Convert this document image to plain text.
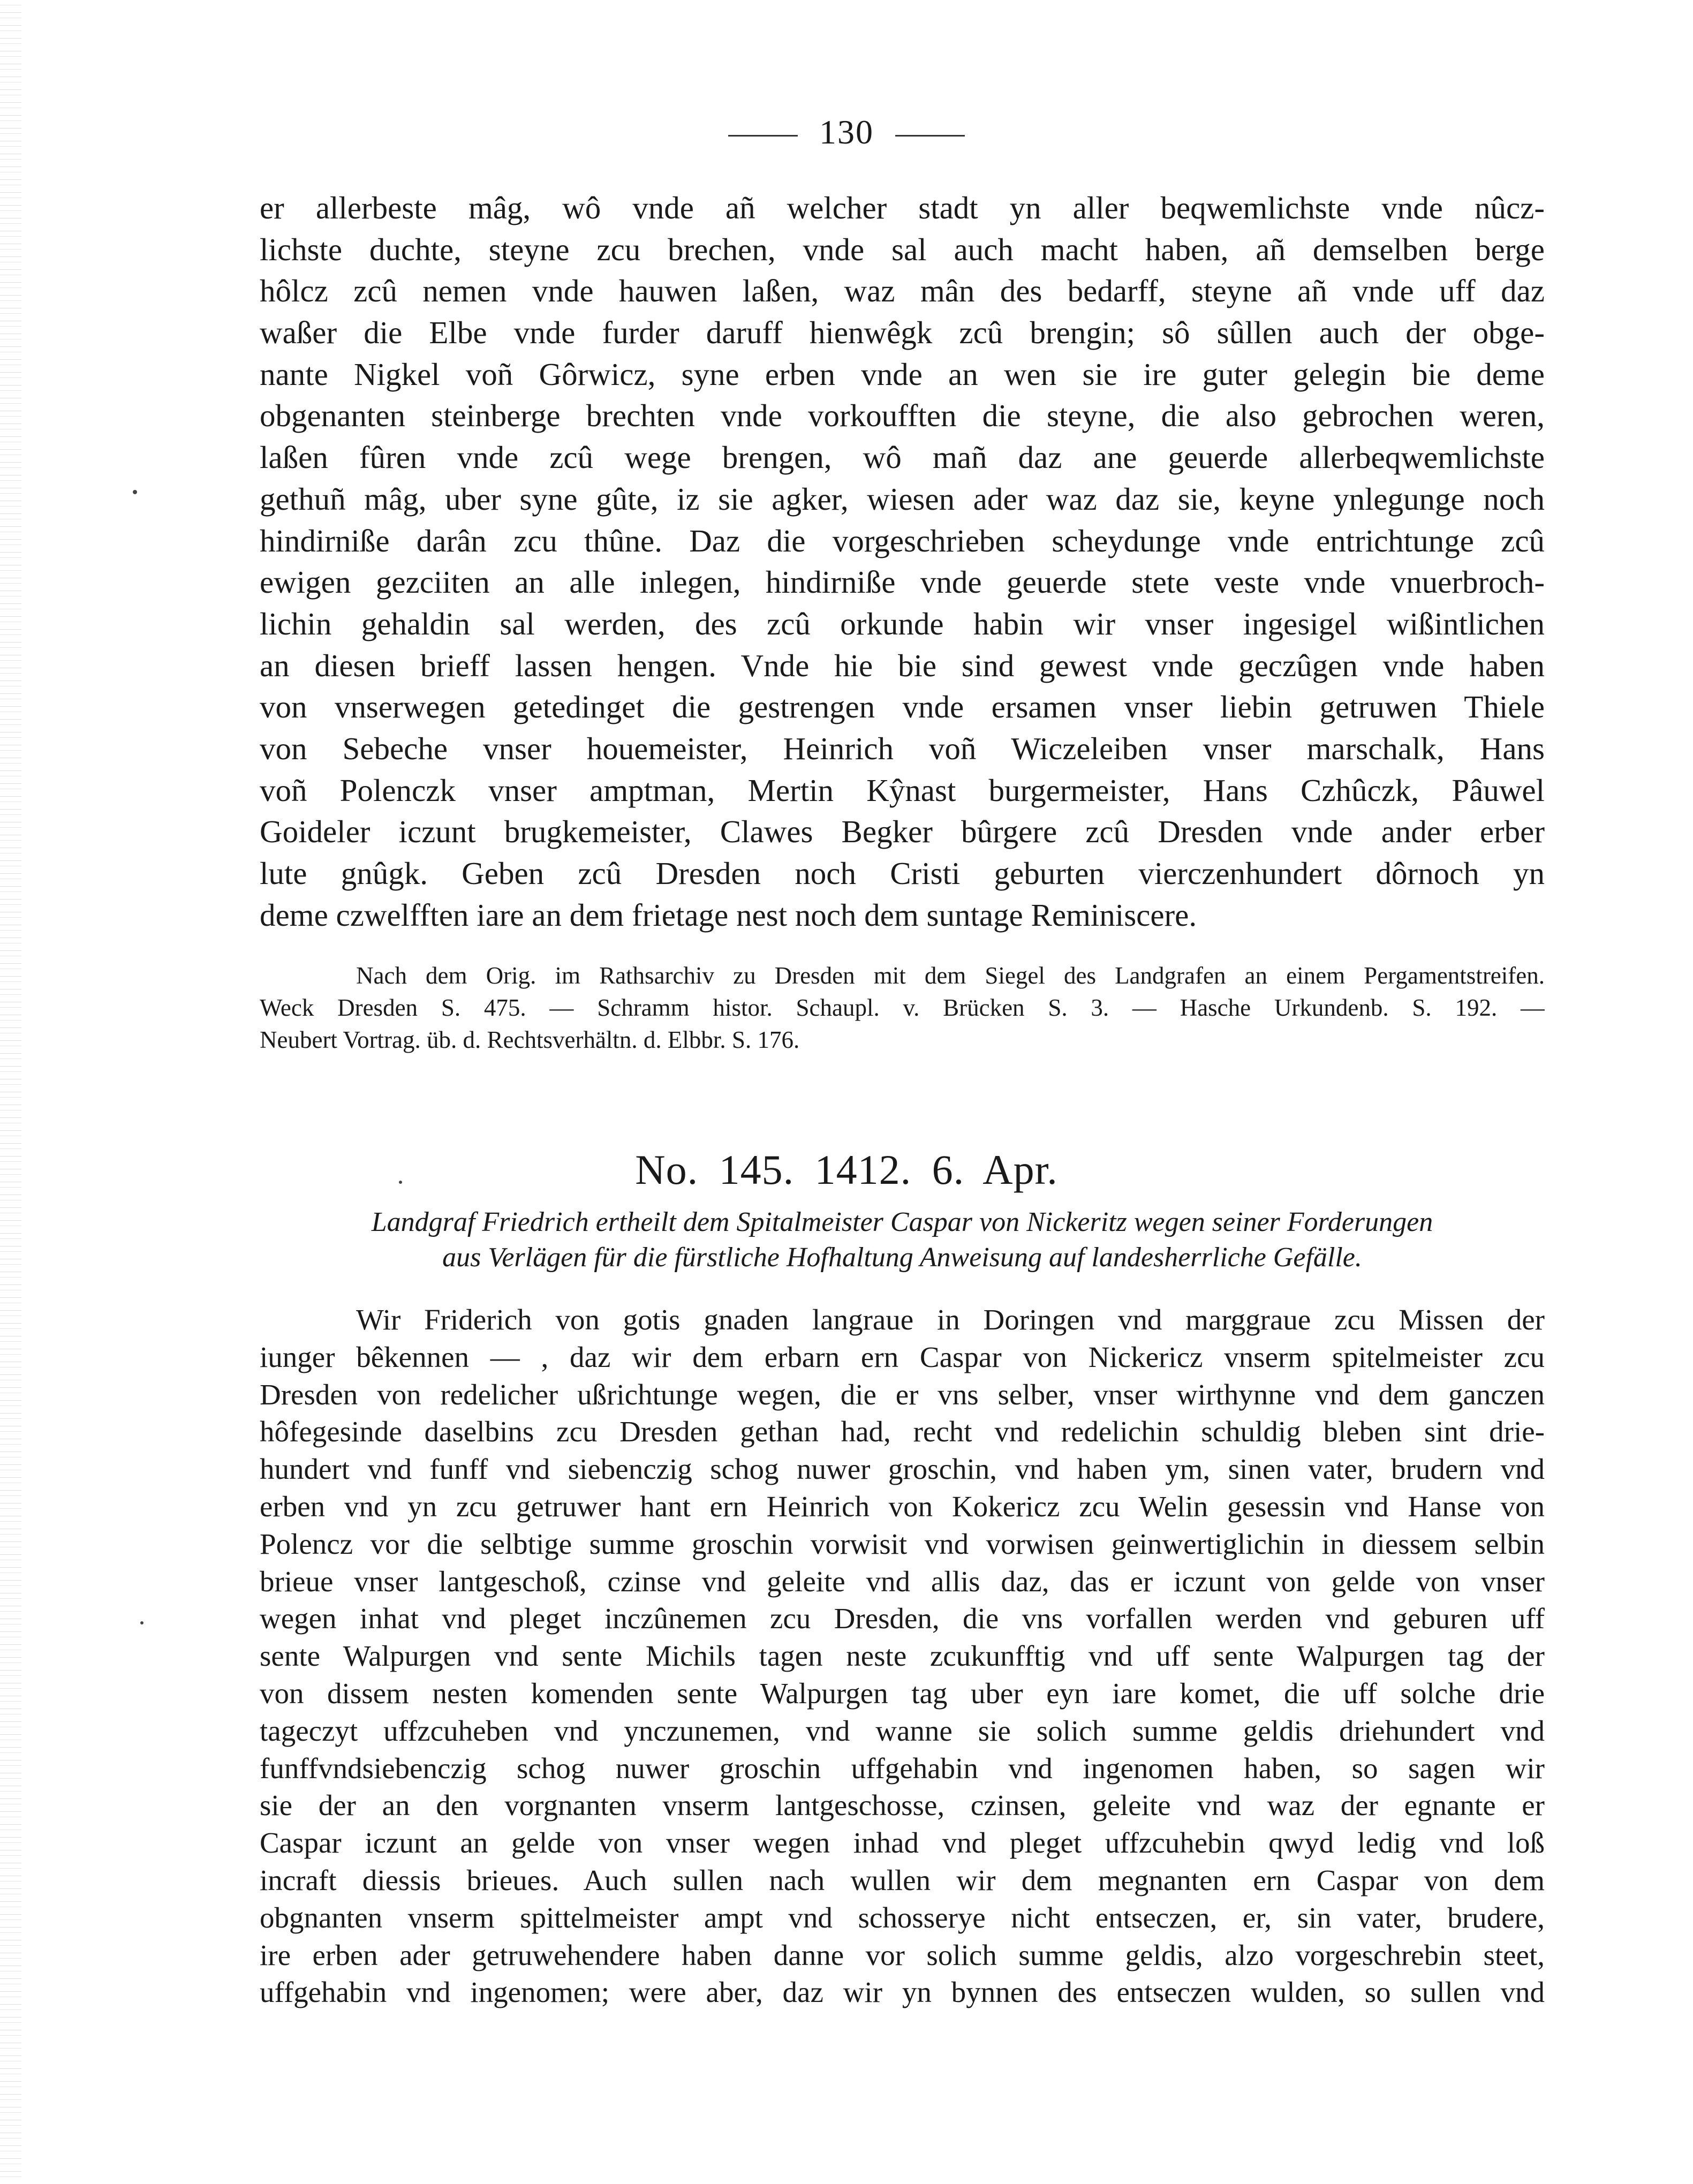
130
er allerbeste mâg, wô vnde añ welcher stadt yn aller beqwemlichste vnde nûcz-
lichste duchte, steyne zcu brechen, vnde sal auch macht haben, añ demselben berge
hôlcz zcû nemen vnde hauwen laßen, waz mân des bedarff, steyne añ vnde uff daz
waßer die Elbe vnde furder daruff hienwêgk zcû brengin; sô sûllen auch der obge-
nante Nigkel voñ Gôrwicz, syne erben vnde an wen sie ire guter gelegin bie deme
obgenanten steinberge brechten vnde vorkoufften die steyne, die also gebrochen weren,
laßen fûren vnde zcû wege brengen, wô mañ daz ane geuerde allerbeqwemlichste
gethuñ mâg, uber syne gûte, iz sie agker, wiesen ader waz daz sie, keyne ynlegunge noch
hindirniße darân zcu thûne. Daz die vorgeschrieben scheydunge vnde entrichtunge zcû
ewigen gezciiten an alle inlegen, hindirniße vnde geuerde stete veste vnde vnuerbroch-
lichin gehaldin sal werden, des zcû orkunde habin wir vnser ingesigel wißintlichen
an diesen brieff lassen hengen. Vnde hie bie sind gewest vnde geczûgen vnde haben
von vnserwegen getedinget die gestrengen vnde ersamen vnser liebin getruwen Thiele
von Sebeche vnser houemeister, Heinrich voñ Wiczeleiben vnser marschalk, Hans
voñ Polenczk vnser amptman, Mertin Kŷnast burgermeister, Hans Czhûczk, Pâuwel
Goideler iczunt brugkemeister, Clawes Begker bûrgere zcû Dresden vnde ander erber
lute gnûgk. Geben zcû Dresden noch Cristi geburten vierczenhundert dôrnoch yn
deme czwelfften iare an dem frietage nest noch dem suntage Reminiscere.
Nach dem Orig. im Rathsarchiv zu Dresden mit dem Siegel des Landgrafen an einem Pergamentstreifen.
Weck Dresden S. 475. — Schramm histor. Schaupl. v. Brücken S. 3. — Hasche Urkundenb. S. 192. —
Neubert Vortrag. üb. d. Rechtsverhältn. d. Elbbr. S. 176.
No. 145. 1412. 6. Apr.
Landgraf Friedrich ertheilt dem Spitalmeister Caspar von Nickeritz wegen seiner Forderungen
aus Verlägen für die fürstliche Hofhaltung Anweisung auf landesherrliche Gefälle.
Wir Friderich von gotis gnaden langraue in Doringen vnd marggraue zcu Missen der
iunger bêkennen — , daz wir dem erbarn ern Caspar von Nickericz vnserm spitelmeister zcu
Dresden von redelicher ußrichtunge wegen, die er vns selber, vnser wirthynne vnd dem ganczen
hôfegesinde daselbins zcu Dresden gethan had, recht vnd redelichin schuldig bleben sint drie-
hundert vnd funff vnd siebenczig schog nuwer groschin, vnd haben ym, sinen vater, brudern vnd
erben vnd yn zcu getruwer hant ern Heinrich von Kokericz zcu Welin gesessin vnd Hanse von
Polencz vor die selbtige summe groschin vorwisit vnd vorwisen geinwertiglichin in diessem selbin
brieue vnser lantgeschoß, czinse vnd geleite vnd allis daz, das er iczunt von gelde von vnser
wegen inhat vnd pleget inczûnemen zcu Dresden, die vns vorfallen werden vnd geburen uff
sente Walpurgen vnd sente Michils tagen neste zcukunfftig vnd uff sente Walpurgen tag der
von dissem nesten komenden sente Walpurgen tag uber eyn iare komet, die uff solche drie
tageczyt uffzcuheben vnd ynczunemen, vnd wanne sie solich summe geldis driehundert vnd
funffvndsiebenczig schog nuwer groschin uffgehabin vnd ingenomen haben, so sagen wir
sie der an den vorgnanten vnserm lantgeschosse, czinsen, geleite vnd waz der egnante er
Caspar iczunt an gelde von vnser wegen inhad vnd pleget uffzcuhebin qwyd ledig vnd loß
incraft diessis brieues. Auch sullen nach wullen wir dem megnanten ern Caspar von dem
obgnanten vnserm spittelmeister ampt vnd schosserye nicht entseczen, er, sin vater, brudere,
ire erben ader getruwehendere haben danne vor solich summe geldis, alzo vorgeschrebin steet,
uffgehabin vnd ingenomen; were aber, daz wir yn bynnen des entseczen wulden, so sullen vnd
